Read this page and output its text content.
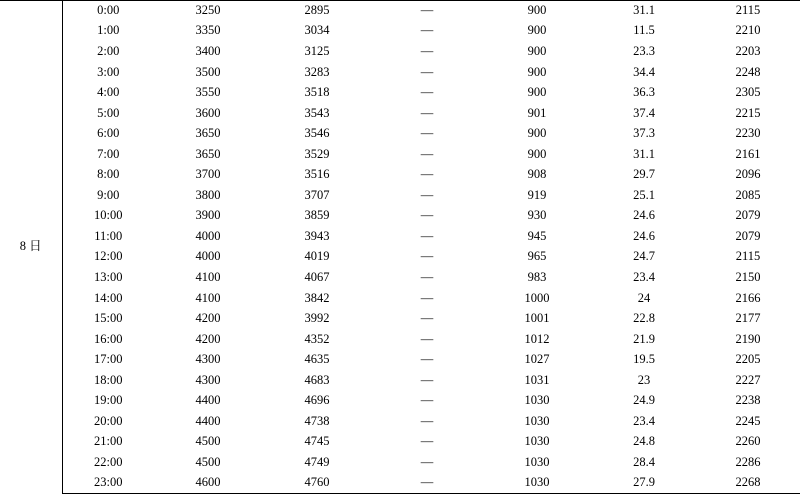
8 日	0:00	3250	2895	—	900	31.1	2115
	1:00	3350	3034	—	900	11.5	2210
	2:00	3400	3125	—	900	23.3	2203
	3:00	3500	3283	—	900	34.4	2248
	4:00	3550	3518	—	900	36.3	2305
	5:00	3600	3543	—	901	37.4	2215
	6:00	3650	3546	—	900	37.3	2230
	7:00	3650	3529	—	900	31.1	2161
	8:00	3700	3516	—	908	29.7	2096
	9:00	3800	3707	—	919	25.1	2085
	10:00	3900	3859	—	930	24.6	2079
	11:00	4000	3943	—	945	24.6	2079
	12:00	4000	4019	—	965	24.7	2115
	13:00	4100	4067	—	983	23.4	2150
	14:00	4100	3842	—	1000	24	2166
	15:00	4200	3992	—	1001	22.8	2177
	16:00	4200	4352	—	1012	21.9	2190
	17:00	4300	4635	—	1027	19.5	2205
	18:00	4300	4683	—	1031	23	2227
	19:00	4400	4696	—	1030	24.9	2238
	20:00	4400	4738	—	1030	23.4	2245
	21:00	4500	4745	—	1030	24.8	2260
	22:00	4500	4749	—	1030	28.4	2286
	23:00	4600	4760	—	1030	27.9	2268
